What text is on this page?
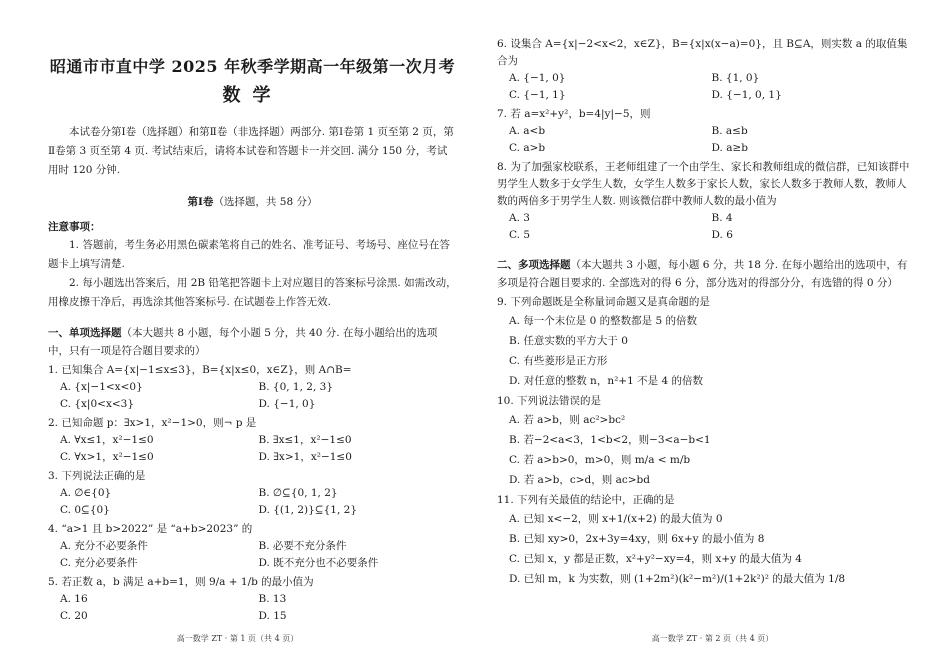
昭通市市直中学 2025 年秋季学期高一年级第一次月考
数学

本试卷分第Ⅰ卷（选择题）和第Ⅱ卷（非选择题）两部分. 第Ⅰ卷第 1 页至第 2 页，第Ⅱ卷第 3 页至第 4 页. 考试结束后，请将本试卷和答题卡一并交回. 满分 150 分，考试用时 120 分钟.

第Ⅰ卷（选择题，共 58 分）
注意事项：

1. 答题前，考生务必用黑色碳素笔将自己的姓名、准考证号、考场号、座位号在答题卡上填写清楚.

2. 每小题选出答案后，用 2B 铅笔把答题卡上对应题目的答案标号涂黑. 如需改动，用橡皮擦干净后，再选涂其他答案标号. 在试题卷上作答无效.

一、单项选择题（本大题共 8 小题，每个小题 5 分，共 40 分. 在每小题给出的选项中，只有一项是符合题目要求的）
1. 已知集合 A={x|−1≤x≤3}，B={x|x≤0，x∈Z}，则 A∩B=
A. {x|−1<x<0}	B. {0, 1, 2, 3}
C. {x|0<x<3}	D. {−1, 0}
2. 已知命题 p：∃x>1，x²−1>0，则¬ p 是
A. ∀x≤1，x²−1≤0	B. ∃x≤1，x²−1≤0
C. ∀x>1，x²−1≤0	D. ∃x>1，x²−1≤0
3. 下列说法正确的是
A. ∅∈{0}	B. ∅⊆{0, 1, 2}
C. 0⊆{0}	D. {(1, 2)}⊆{1, 2}
4. “a>1 且 b>2022” 是 “a+b>2023” 的
A. 充分不必要条件	B. 必要不充分条件
C. 充分必要条件	D. 既不充分也不必要条件
5. 若正数 a，b 满足 a+b=1，则 9/a + 1/b 的最小值为
A. 16	B. 13
C. 20	D. 15
高一数学 ZT · 第 1 页（共 4 页）
6. 设集合 A={x|−2<x<2，x∈Z}，B={x|x(x−a)=0}，且 B⊆A，则实数 a 的取值集合为
A. {−1, 0}	B. {1, 0}
C. {−1, 1}	D. {−1, 0, 1}
7. 若 a=x²+y²，b=4|y|−5，则
A. a<b	B. a≤b
C. a>b	D. a≥b
8. 为了加强家校联系，王老师组建了一个由学生、家长和教师组成的微信群，已知该群中男学生人数多于女学生人数，女学生人数多于家长人数，家长人数多于教师人数，教师人数的两倍多于男学生人数. 则该微信群中教师人数的最小值为
A. 3	B. 4
C. 5	D. 6
二、多项选择题（本大题共 3 小题，每小题 6 分，共 18 分. 在每小题给出的选项中，有多项是符合题目要求的. 全部选对的得 6 分，部分选对的得部分分，有选错的得 0 分）
9. 下列命题既是全称量词命题又是真命题的是
A. 每一个末位是 0 的整数都是 5 的倍数
B. 任意实数的平方大于 0
C. 有些菱形是正方形
D. 对任意的整数 n，n²+1 不是 4 的倍数
10. 下列说法错误的是
A. 若 a>b，则 ac²>bc²
B. 若−2<a<3，1<b<2，则−3<a−b<1
C. 若 a>b>0，m>0，则 m/a < m/b
D. 若 a>b，c>d，则 ac>bd
11. 下列有关最值的结论中，正确的是
A. 已知 x<−2，则 x+1/(x+2) 的最大值为 0
B. 已知 xy>0，2x+3y=4xy，则 6x+y 的最小值为 8
C. 已知 x，y 都是正数，x²+y²−xy=4，则 x+y 的最大值为 4
D. 已知 m，k 为实数，则 (1+2m²)(k²−m²)/(1+2k²)² 的最大值为 1/8
高一数学 ZT · 第 2 页（共 4 页）
